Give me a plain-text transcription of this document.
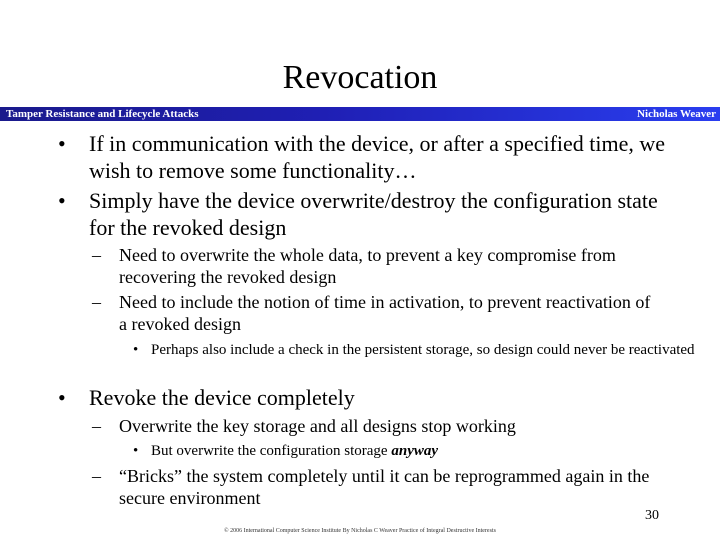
Revocation
Tamper Resistance and Lifecycle Attacks	Nicholas Weaver
• If in communication with the device, or after a specified time, we wish to remove some functionality…
• Simply have the device overwrite/destroy the configuration state for the revoked design
– Need to overwrite the whole data, to prevent a key compromise from recovering the revoked design
– Need to include the notion of time in activation, to prevent reactivation of a revoked design
• Perhaps also include a check in the persistent storage, so design could never be reactivated
• Revoke the device completely
– Overwrite the key storage and all designs stop working
• But overwrite the configuration storage anyway
– “Bricks” the system completely until it can be reprogrammed again in the secure environment
30
© 2006 International Computer Science Institute By Nicholas C Weaver Practice of Integral Destructive Interests
